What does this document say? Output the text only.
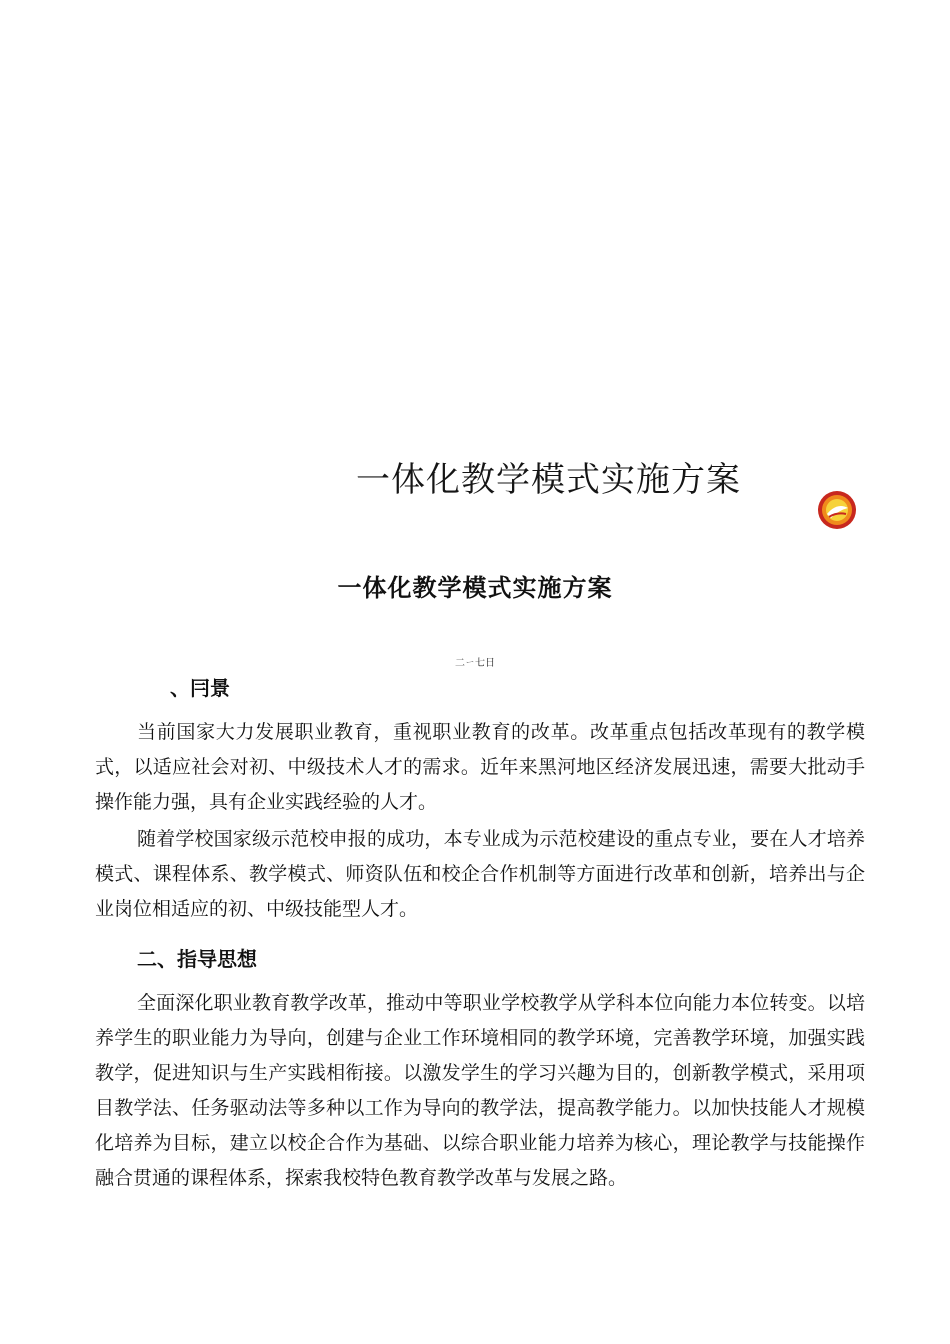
一体化教学模式实施方案
一体化教学模式实施方案
二ㄧ七日
、冃景
当前国家大力发展职业教育，重视职业教育的改革。改革重点包括改革现有的教学模式，以适应社会对初、中级技术人才的需求。近年来黑河地区经济发展迅速，需要大批动手操作能力强，具有企业实践经验的人才。
随着学校国家级示范校申报的成功，本专业成为示范校建设的重点专业，要在人才培养模式、课程体系、教学模式、师资队伍和校企合作机制等方面进行改革和创新，培养出与企业岗位相适应的初、中级技能型人才。
二、指导思想
全面深化职业教育教学改革，推动中等职业学校教学从学科本位向能力本位转变。以培养学生的职业能力为导向，创建与企业工作环境相同的教学环境，完善教学环境，加强实践教学，促进知识与生产实践相衔接。以激发学生的学习兴趣为目的，创新教学模式，采用项目教学法、任务驱动法等多种以工作为导向的教学法，提高教学能力。以加快技能人才规模化培养为目标，建立以校企合作为基础、以综合职业能力培养为核心，理论教学与技能操作融合贯通的课程体系，探索我校特色教育教学改革与发展之路。
